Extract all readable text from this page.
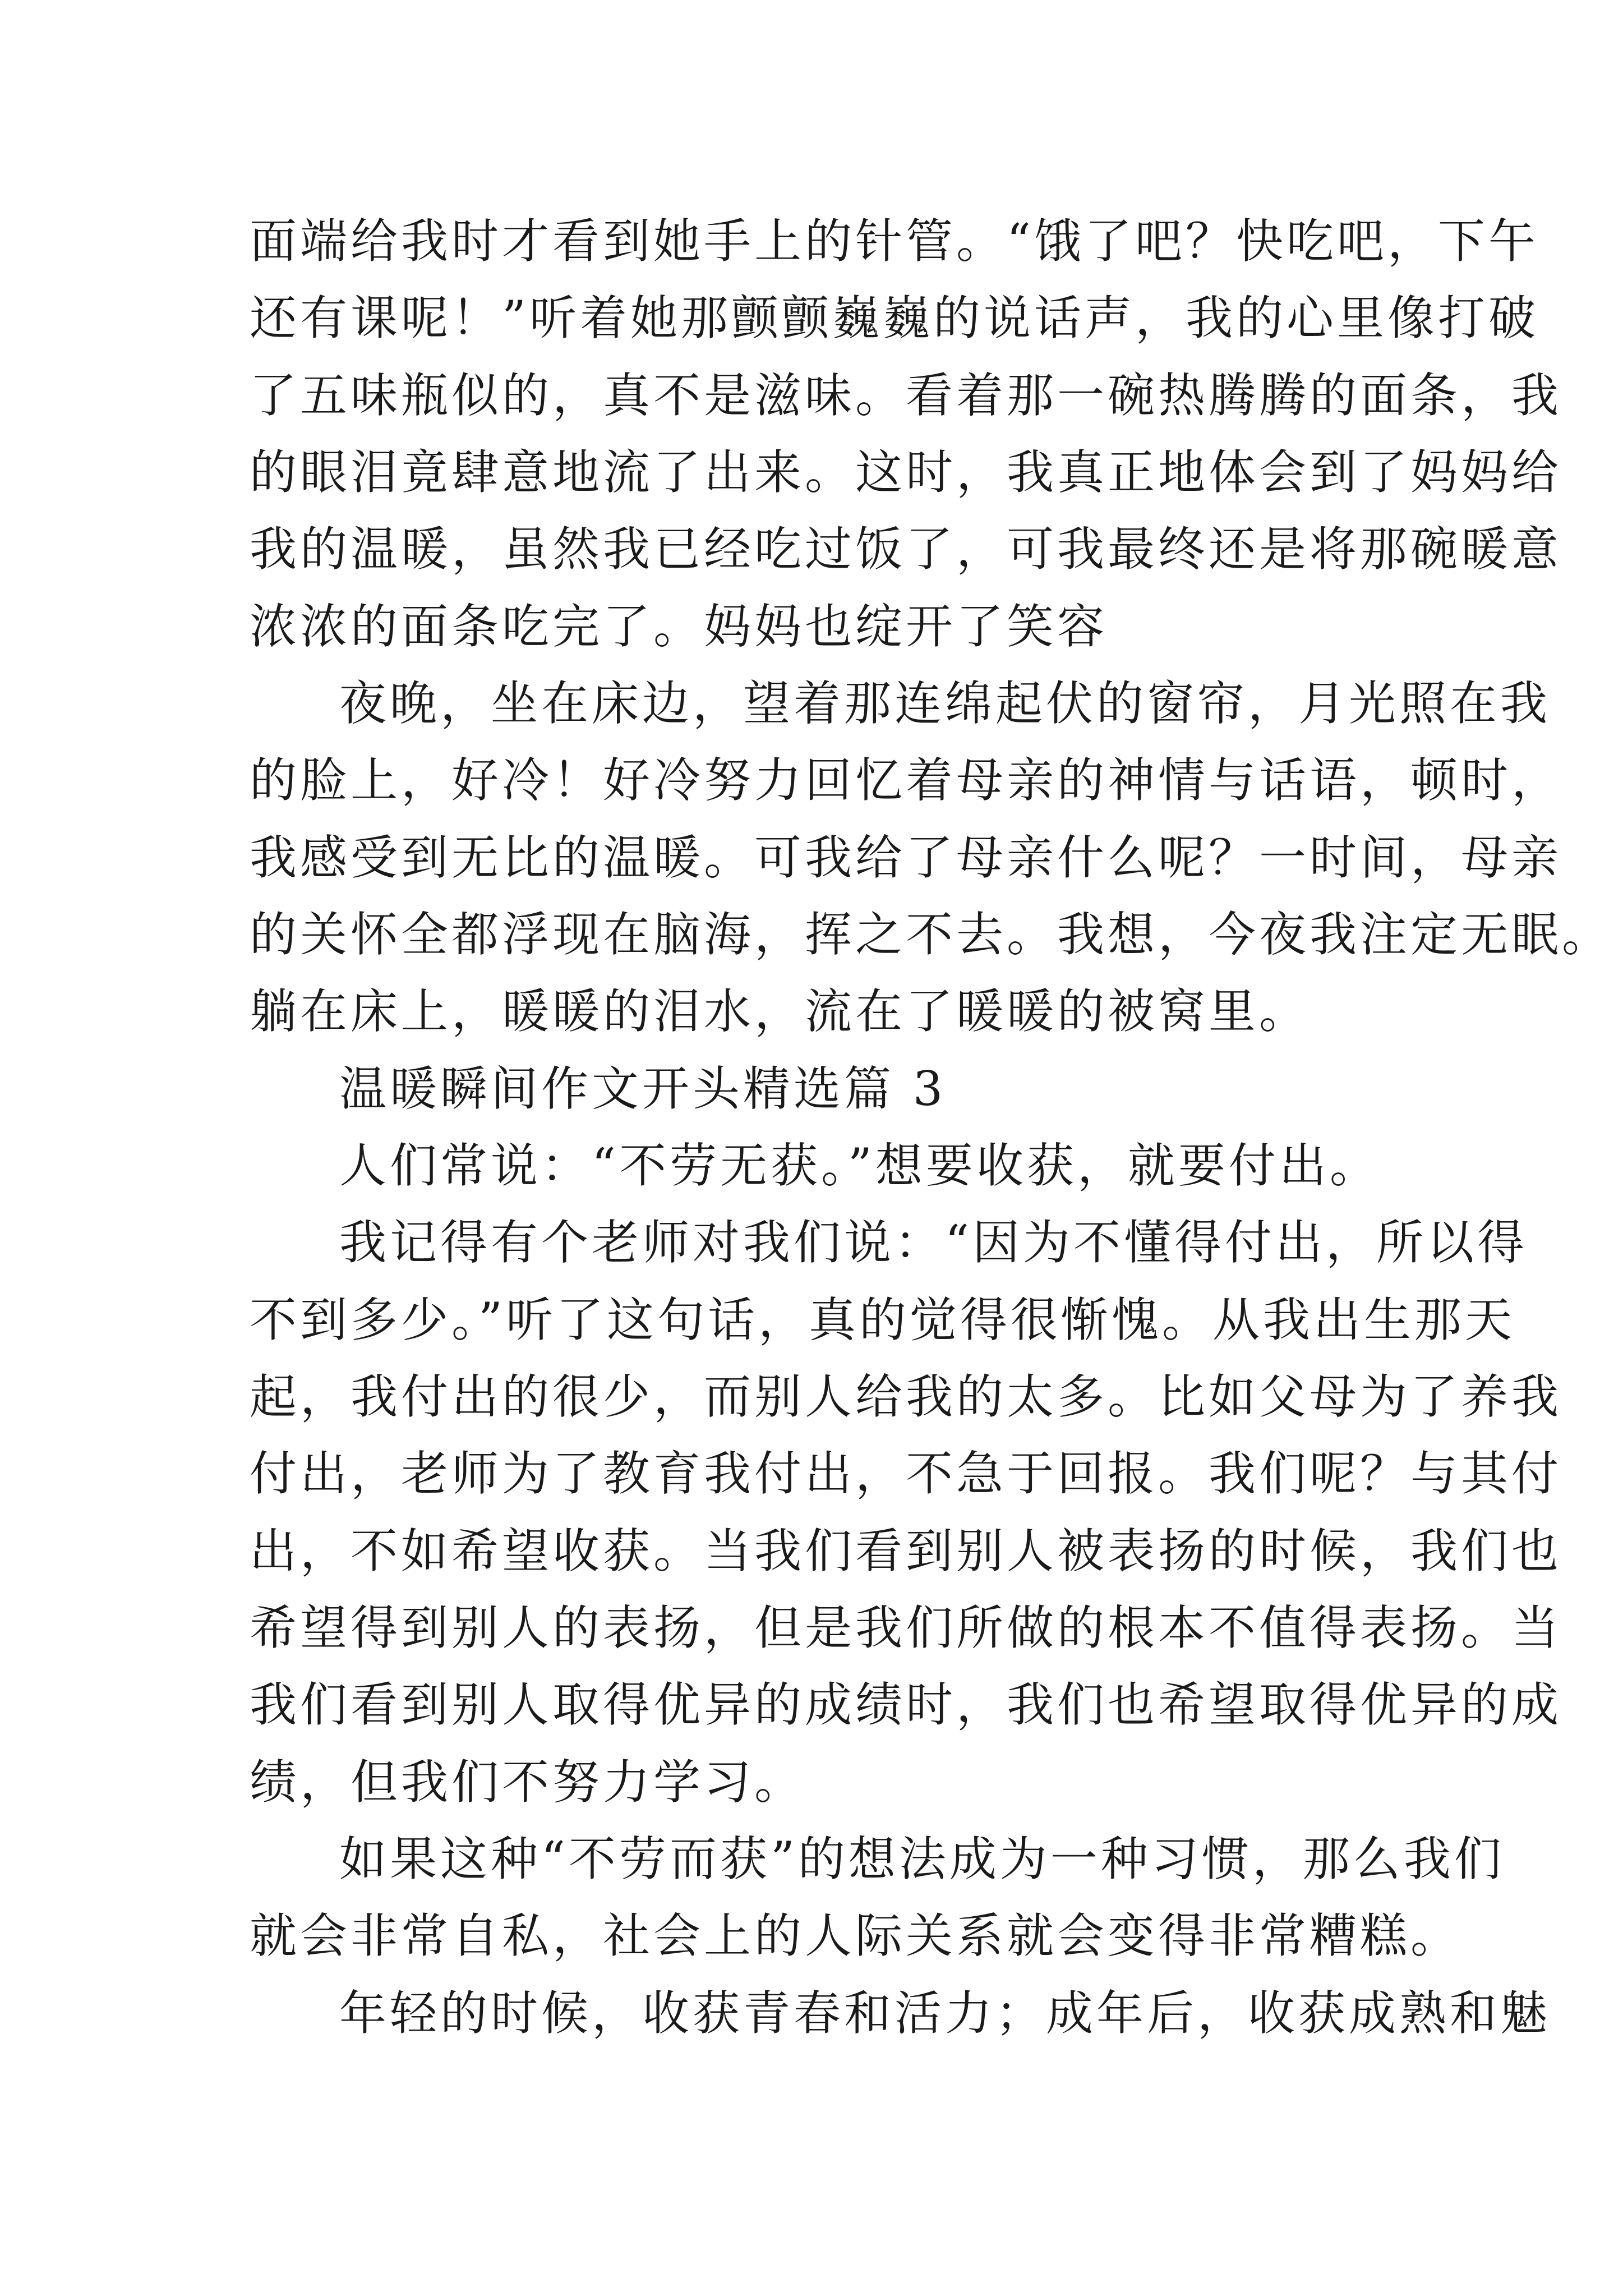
面端给我时才看到她手上的针管。“饿了吧？快吃吧，下午

还有课呢！”听着她那颤颤巍巍的说话声，我的心里像打破

了五味瓶似的，真不是滋味。看着那一碗热腾腾的面条，我

的眼泪竟肆意地流了出来。这时，我真正地体会到了妈妈给

我的温暖，虽然我已经吃过饭了，可我最终还是将那碗暖意

浓浓的面条吃完了。妈妈也绽开了笑容

夜晚，坐在床边，望着那连绵起伏的窗帘，月光照在我

的脸上，好冷！好冷努力回忆着母亲的神情与话语，顿时，

我感受到无比的温暖。可我给了母亲什么呢？一时间，母亲

的关怀全都浮现在脑海，挥之不去。我想，今夜我注定无眠。

躺在床上，暖暖的泪水，流在了暖暖的被窝里。

温暖瞬间作文开头精选篇 3

人们常说：“不劳无获。”想要收获，就要付出。

我记得有个老师对我们说：“因为不懂得付出，所以得

不到多少。”听了这句话，真的觉得很惭愧。从我出生那天

起，我付出的很少，而别人给我的太多。比如父母为了养我

付出，老师为了教育我付出，不急于回报。我们呢？与其付

出，不如希望收获。当我们看到别人被表扬的时候，我们也

希望得到别人的表扬，但是我们所做的根本不值得表扬。当

我们看到别人取得优异的成绩时，我们也希望取得优异的成

绩，但我们不努力学习。

如果这种“不劳而获”的想法成为一种习惯，那么我们

就会非常自私，社会上的人际关系就会变得非常糟糕。

年轻的时候，收获青春和活力；成年后，收获成熟和魅
